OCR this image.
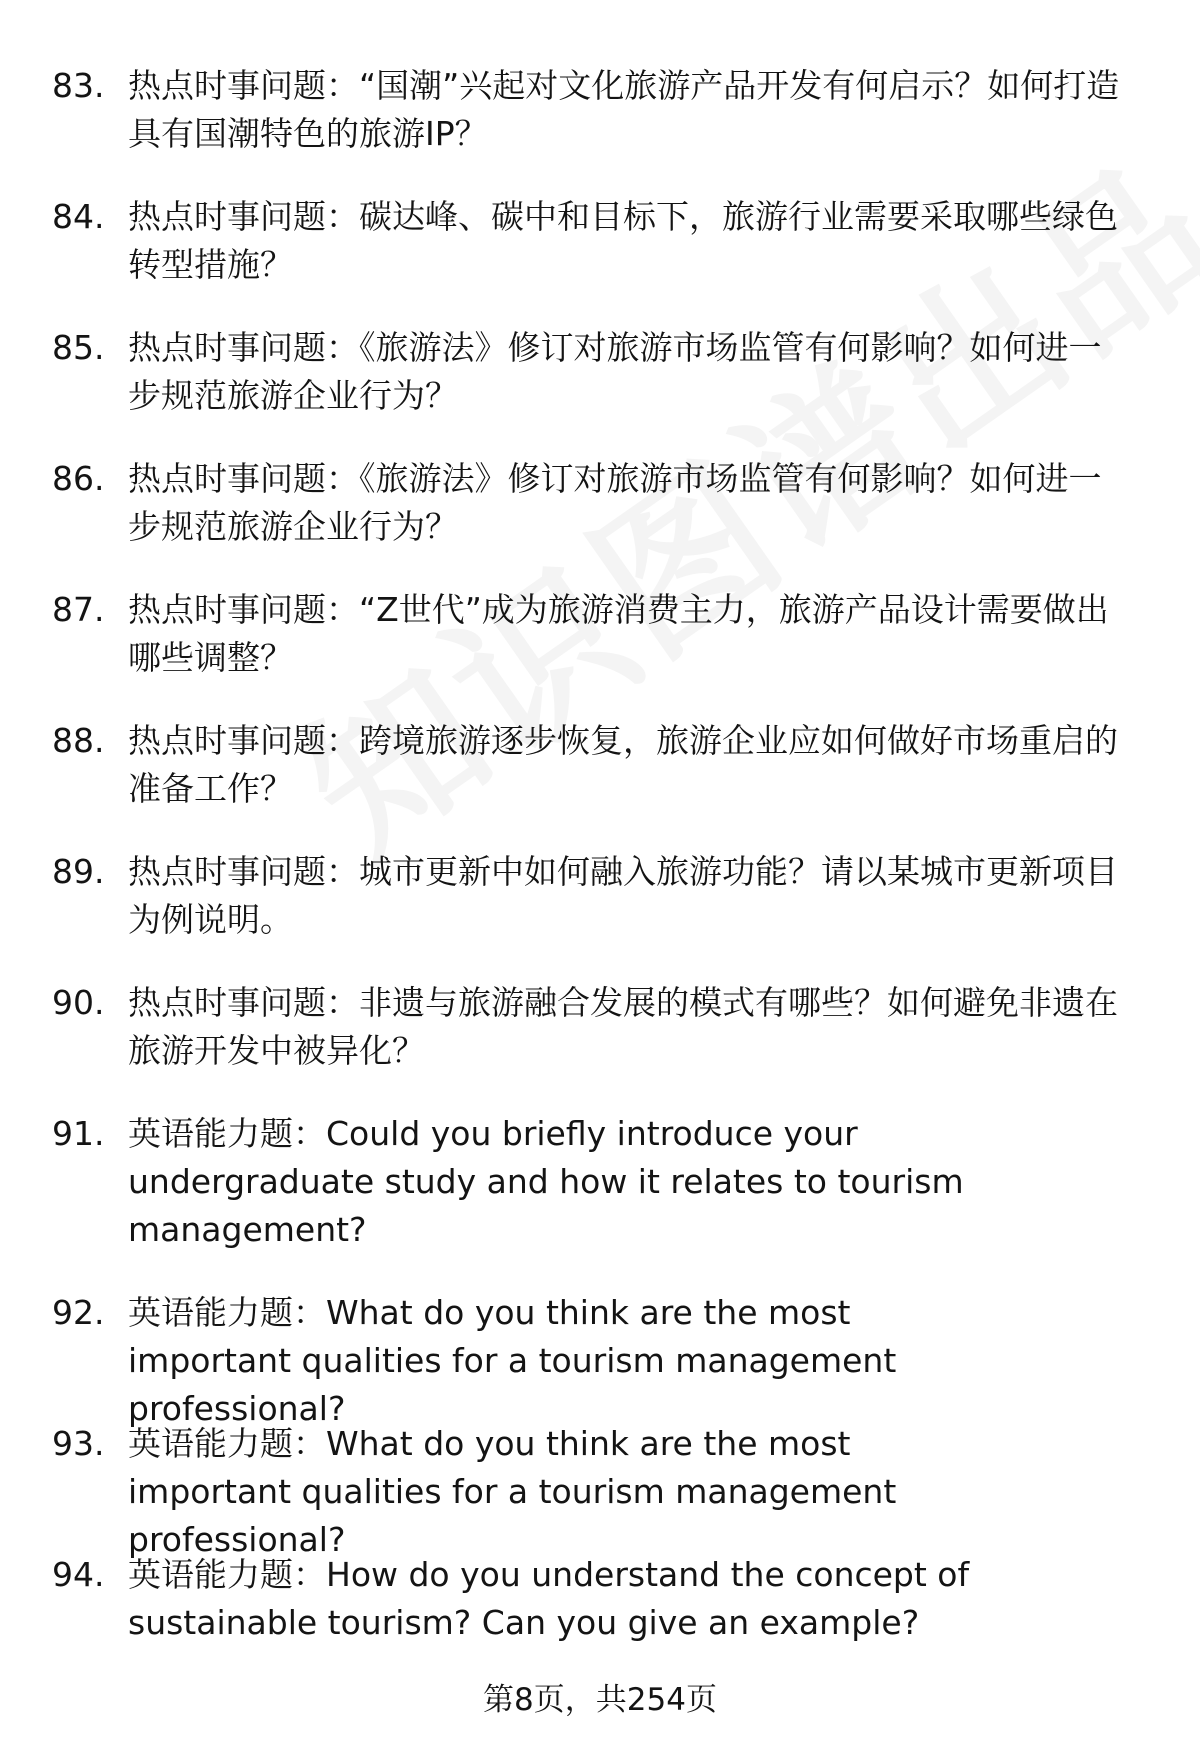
83. 热点时事问题：“国潮”兴起对文化旅游产品开发有何启示？如何打造具有国潮特色的旅游IP？
84. 热点时事问题：碳达峰、碳中和目标下，旅游行业需要采取哪些绿色转型措施？
85. 热点时事问题：《旅游法》修订对旅游市场监管有何影响？如何进一步规范旅游企业行为？
86. 热点时事问题：《旅游法》修订对旅游市场监管有何影响？如何进一步规范旅游企业行为？
87. 热点时事问题：“Z世代”成为旅游消费主力，旅游产品设计需要做出哪些调整？
88. 热点时事问题：跨境旅游逐步恢复，旅游企业应如何做好市场重启的准备工作？
89. 热点时事问题：城市更新中如何融入旅游功能？请以某城市更新项目为例说明。
90. 热点时事问题：非遗与旅游融合发展的模式有哪些？如何避免非遗在旅游开发中被异化？
91. 英语能力题：Could you briefly introduce your undergraduate study and how it relates to tourism management?
92. 英语能力题：What do you think are the most important qualities for a tourism management professional?
93. 英语能力题：What do you think are the most important qualities for a tourism management professional?
94. 英语能力题：How do you understand the concept of sustainable tourism? Can you give an example?
第8页，共254页
